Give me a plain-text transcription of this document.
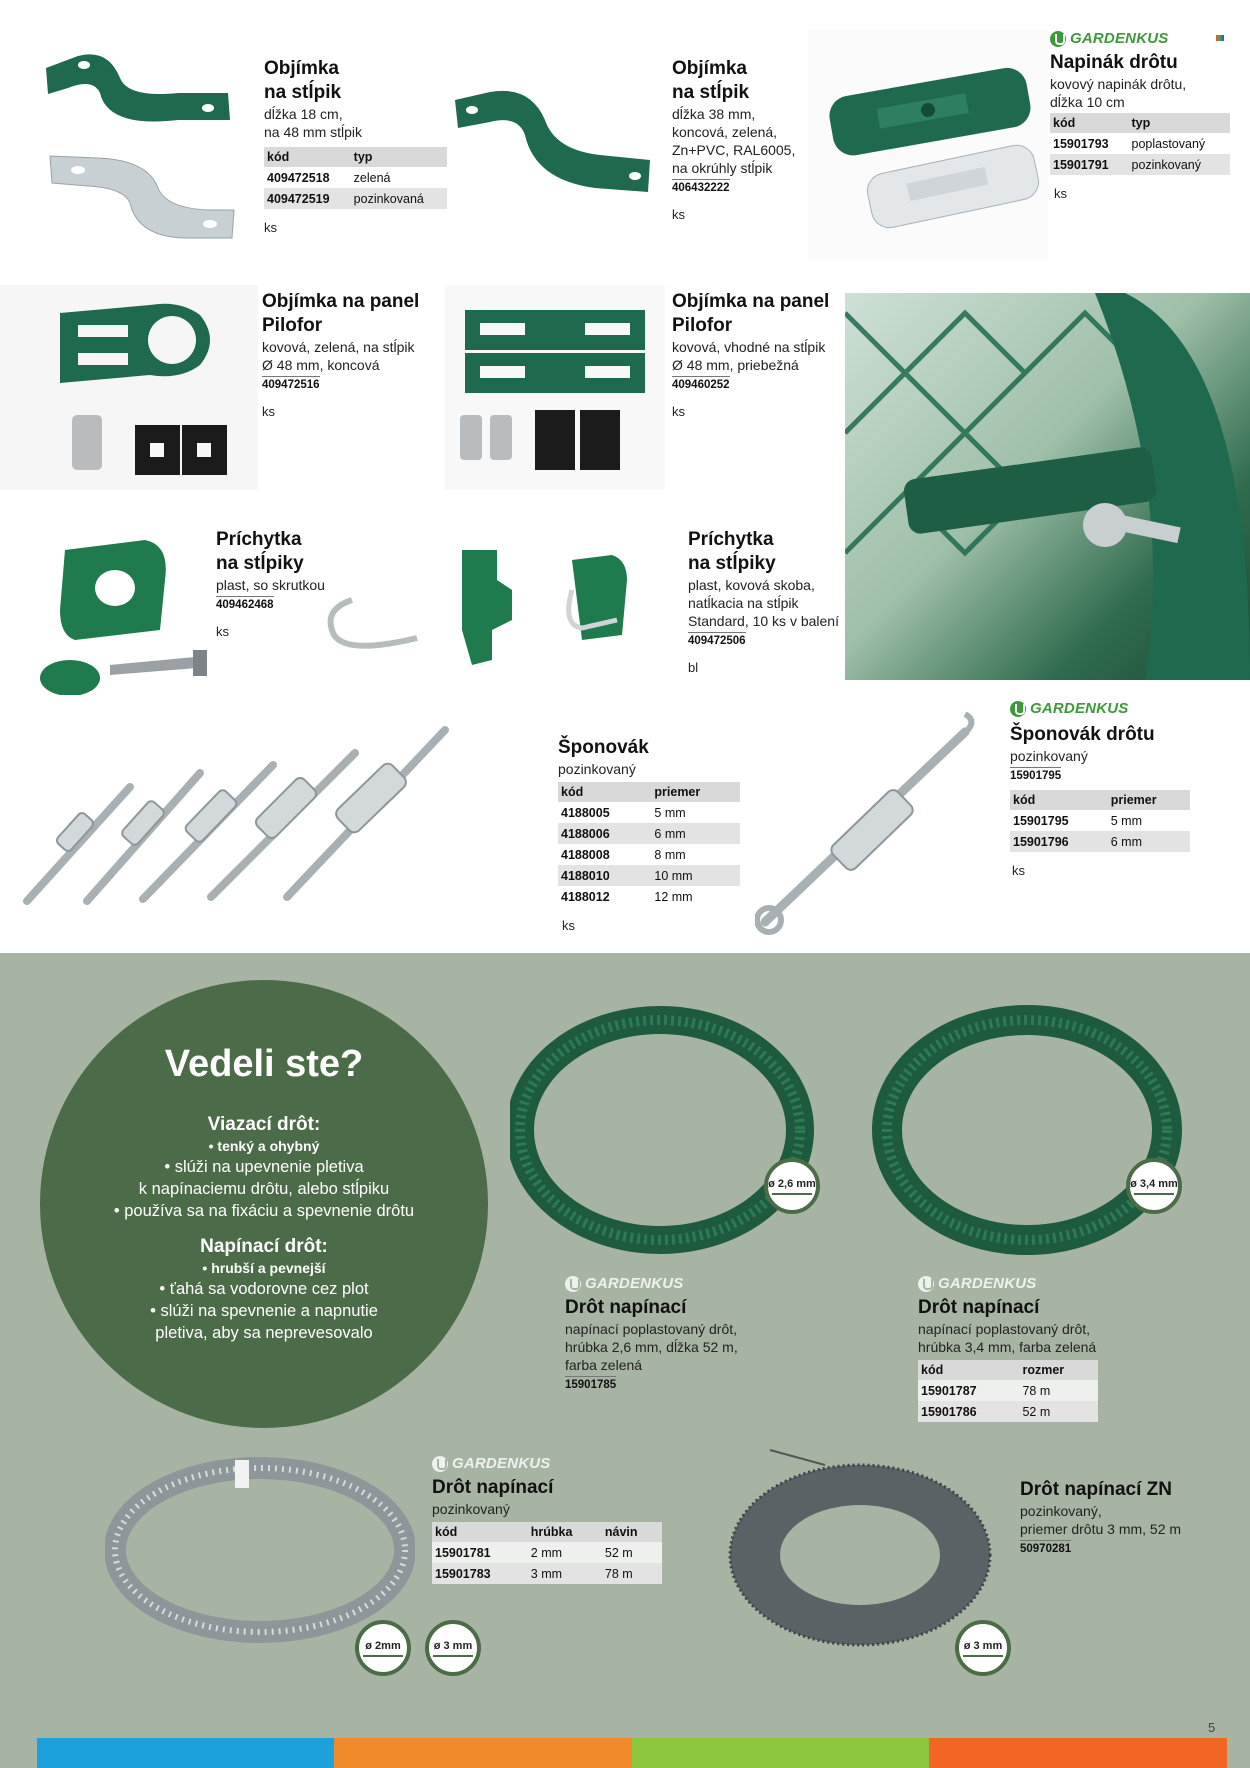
Objímka
na stĺpik
dĺžka 18 cm,
na 48 mm stĺpik
kód	typ
409472518	zelená
409472519	pozinkovaná
ks
Objímka
na stĺpik
dĺžka 38 mm,
koncová, zelená,
Zn+PVC, RAL6005,
na okrúhly stĺpik
406432222
ks
GARDENKUS
Napinák drôtu
kovový napinák drôtu,
dĺžka 10 cm
kód	typ
15901793	poplastovaný
15901791	pozinkovaný
ks
Objímka na panel
Pilofor
kovová, zelená, na stĺpik
Ø 48 mm, koncová
409472516
ks
Objímka na panel
Pilofor
kovová, vhodné na stĺpik
Ø 48 mm, priebežná
409460252
ks
Príchytka
na stĺpiky
plast, so skrutkou
409462468
ks
Príchytka
na stĺpiky
plast, kovová skoba,
natĺkacia na stĺpik
Standard, 10 ks v balení
409472506
bl
Šponovák
pozinkovaný
kód	priemer
4188005	5 mm
4188006	6 mm
4188008	8 mm
4188010	10 mm
4188012	12 mm
ks
GARDENKUS
Šponovák drôtu
pozinkovaný
15901795
kód	priemer
15901795	5 mm
15901796	6 mm
ks
Vedeli ste?
Viazací drôt:
• tenký a ohybný
• slúži na upevnenie pletiva
k napínaciemu drôtu, alebo stĺpiku
• používa sa na fixáciu a spevnenie drôtu
Napínací drôt:
• hrubší a pevnejší
• ťahá sa vodorovne cez plot
• slúži na spevnenie a napnutie
pletiva, aby sa neprevesovalo
ø 2,6 mm	ø 3,4 mm
GARDENKUS
Drôt napínací
napínací poplastovaný drôt,
hrúbka 2,6 mm, dĺžka 52 m,
farba zelená
15901785
GARDENKUS
Drôt napínací
napínací poplastovaný drôt,
hrúbka 3,4 mm, farba zelená
kód	rozmer
15901787	78 m
15901786	52 m
ø 2mm	ø 3 mm
GARDENKUS
Drôt napínací
pozinkovaný
kód	hrúbka	návin
15901781	2 mm	52 m
15901783	3 mm	78 m
ø 3 mm
Drôt napínací ZN
pozinkovaný,
priemer drôtu 3 mm, 52 m
50970281
5
